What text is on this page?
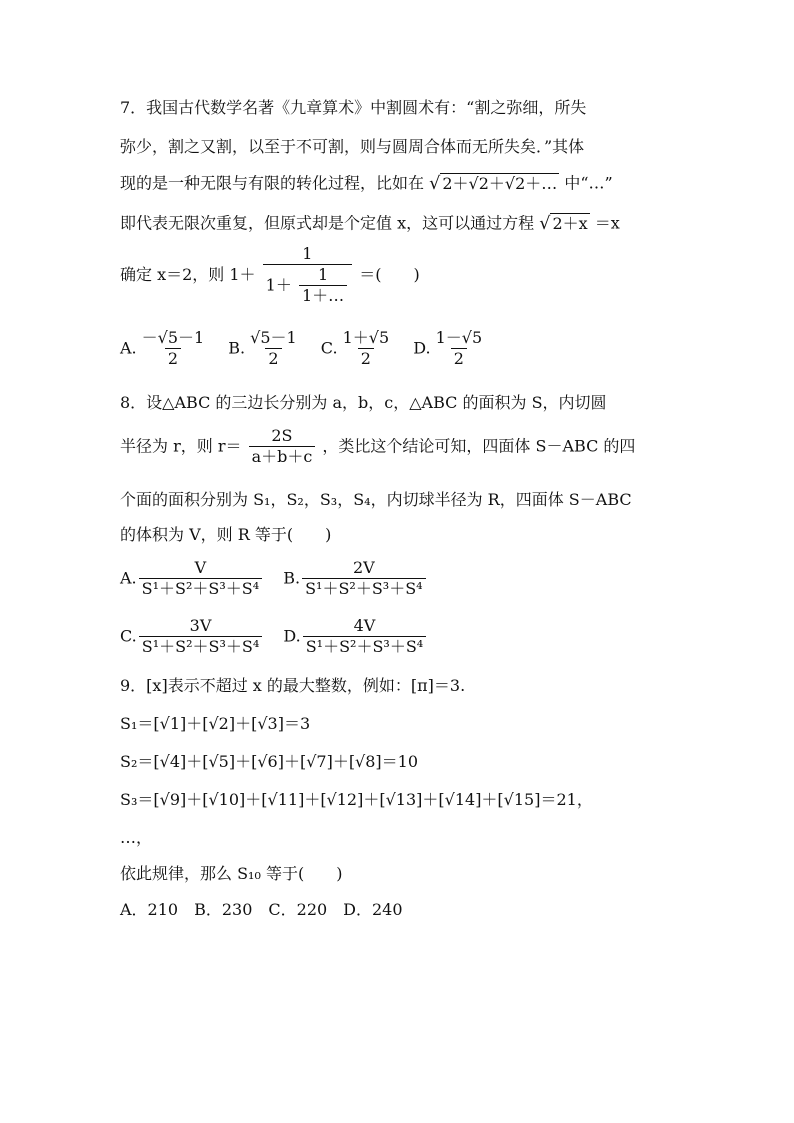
7．我国古代数学名著《九章算术》中割圆术有：“割之弥细，所失
弥少，割之又割，以至于不可割，则与圆周合体而无所失矣．”其体
现的是一种无限与有限的转化过程，比如在 √ 2＋√2＋√2＋… 中“…”
即代表无限次重复，但原式却是个定值 x，这可以通过方程 √ 2＋x ＝x
确定 x＝2，则 $1+ \frac{1}{1+ \frac{1}{1+\dots}}$ ＝(　　)
A. $\frac{-√5-1}{2} B$. $\frac{√5-1}{2} C$. $\frac{1+√5}{2} D$. $\frac{1-√5}{2}$
8．设△ABC 的三边长分别为 a，b，c，△ABC 的面积为 S，内切圆
半径为 r，则 $r= \frac{2S}{a+b+c}$ ，类比这个结论可知，四面体 S－ABC 的四
个面的面积分别为 S₁，S₂，S₃，S₄，内切球半径为 R，四面体 S－ABC
的体积为 V，则 R 等于(　　)
A. $\frac{V}{\text{S¹＋S²＋S³＋S⁴}} B$. $\frac{2V}{\text{S¹＋S²＋S³＋S⁴}}$
C. $\frac{3V}{\text{S¹＋S²＋S³＋S⁴}} D$. $\frac{4V}{\text{S¹＋S²＋S³＋S⁴}}$
9．[x]表示不超过 x 的最大整数，例如：[π]＝3.
S₁＝[√1]＋[√2]＋[√3]＝3
S₂＝[√4]＋[√5]＋[√6]＋[√7]＋[√8]＝10
S₃＝[√9]＋[√10]＋[√11]＋[√12]＋[√13]＋[√14]＋[√15]＝21，
…，
依此规律，那么 S₁₀ 等于(　　)
A．210　B．230　C．220　D．240
